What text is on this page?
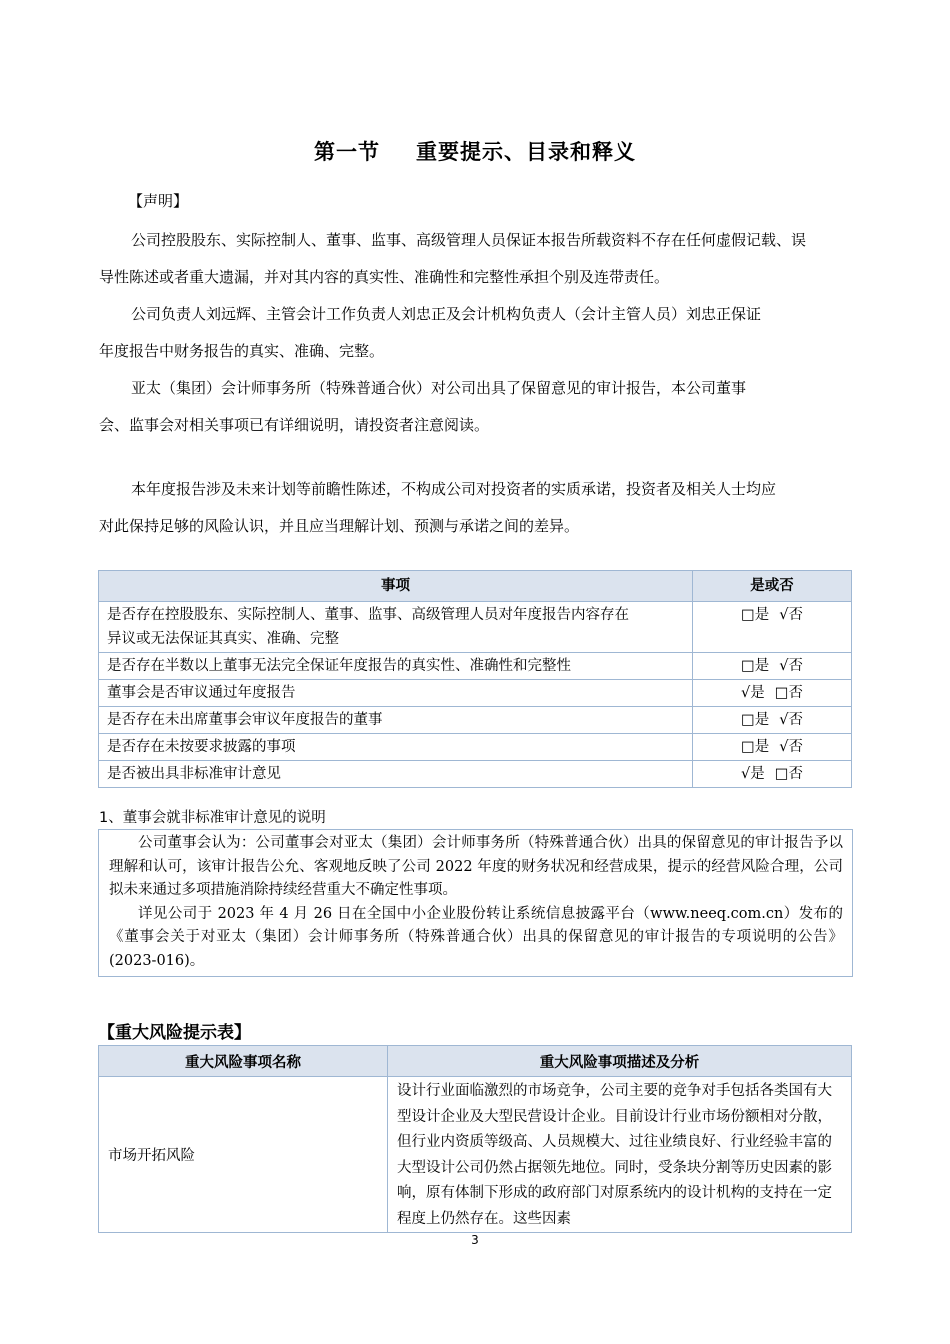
第一节 重要提示、目录和释义
【声明】
公司控股股东、实际控制人、董事、监事、高级管理人员保证本报告所载资料不存在任何虚假记载、误
导性陈述或者重大遗漏，并对其内容的真实性、准确性和完整性承担个别及连带责任。
公司负责人刘远辉、主管会计工作负责人刘忠正及会计机构负责人（会计主管人员）刘忠正保证
年度报告中财务报告的真实、准确、完整。
亚太（集团）会计师事务所（特殊普通合伙）对公司出具了保留意见的审计报告，本公司董事
会、监事会对相关事项已有详细说明，请投资者注意阅读。
本年度报告涉及未来计划等前瞻性陈述，不构成公司对投资者的实质承诺，投资者及相关人士均应
对此保持足够的风险认识，并且应当理解计划、预测与承诺之间的差异。
事项	是或否

是否存在控股股东、实际控制人、董事、监事、高级管理人员对年度报告内容存在
异议或无法保证其真实、准确、完整	□是 √否
是否存在半数以上董事无法完全保证年度报告的真实性、准确性和完整性	□是 √否
董事会是否审议通过年度报告	√是 □否
是否存在未出席董事会审议年度报告的董事	□是 √否
是否存在未按要求披露的事项	□是 √否
是否被出具非标准审计意见	√是 □否
1、董事会就非标准审计意见的说明

公司董事会认为：公司董事会对亚太（集团）会计师事务所（特殊普通合伙）出具的保留意见的审计报告予以理解和认可，该审计报告公允、客观地反映了公司 2022 年度的财务状况和经营成果，提示的经营风险合理，公司拟未来通过多项措施消除持续经营重大不确定性事项。

详见公司于 2023 年 4 月 26 日在全国中小企业股份转让系统信息披露平台（www.neeq.com.cn）发布的《董事会关于对亚太（集团）会计师事务所（特殊普通合伙）出具的保留意见的审计报告的专项说明的公告》(2023-016)。

【重大风险提示表】
重大风险事项名称	重大风险事项描述及分析
市场开拓风险	设计行业面临激烈的市场竞争，公司主要的竞争对手包括各类国有大型设计企业及大型民营设计企业。目前设计行业市场份额相对分散，但行业内资质等级高、人员规模大、过往业绩良好、行业经验丰富的大型设计公司仍然占据领先地位。同时，受条块分割等历史因素的影响，原有体制下形成的政府部门对原系统内的设计机构的支持在一定程度上仍然存在。这些因素
3
